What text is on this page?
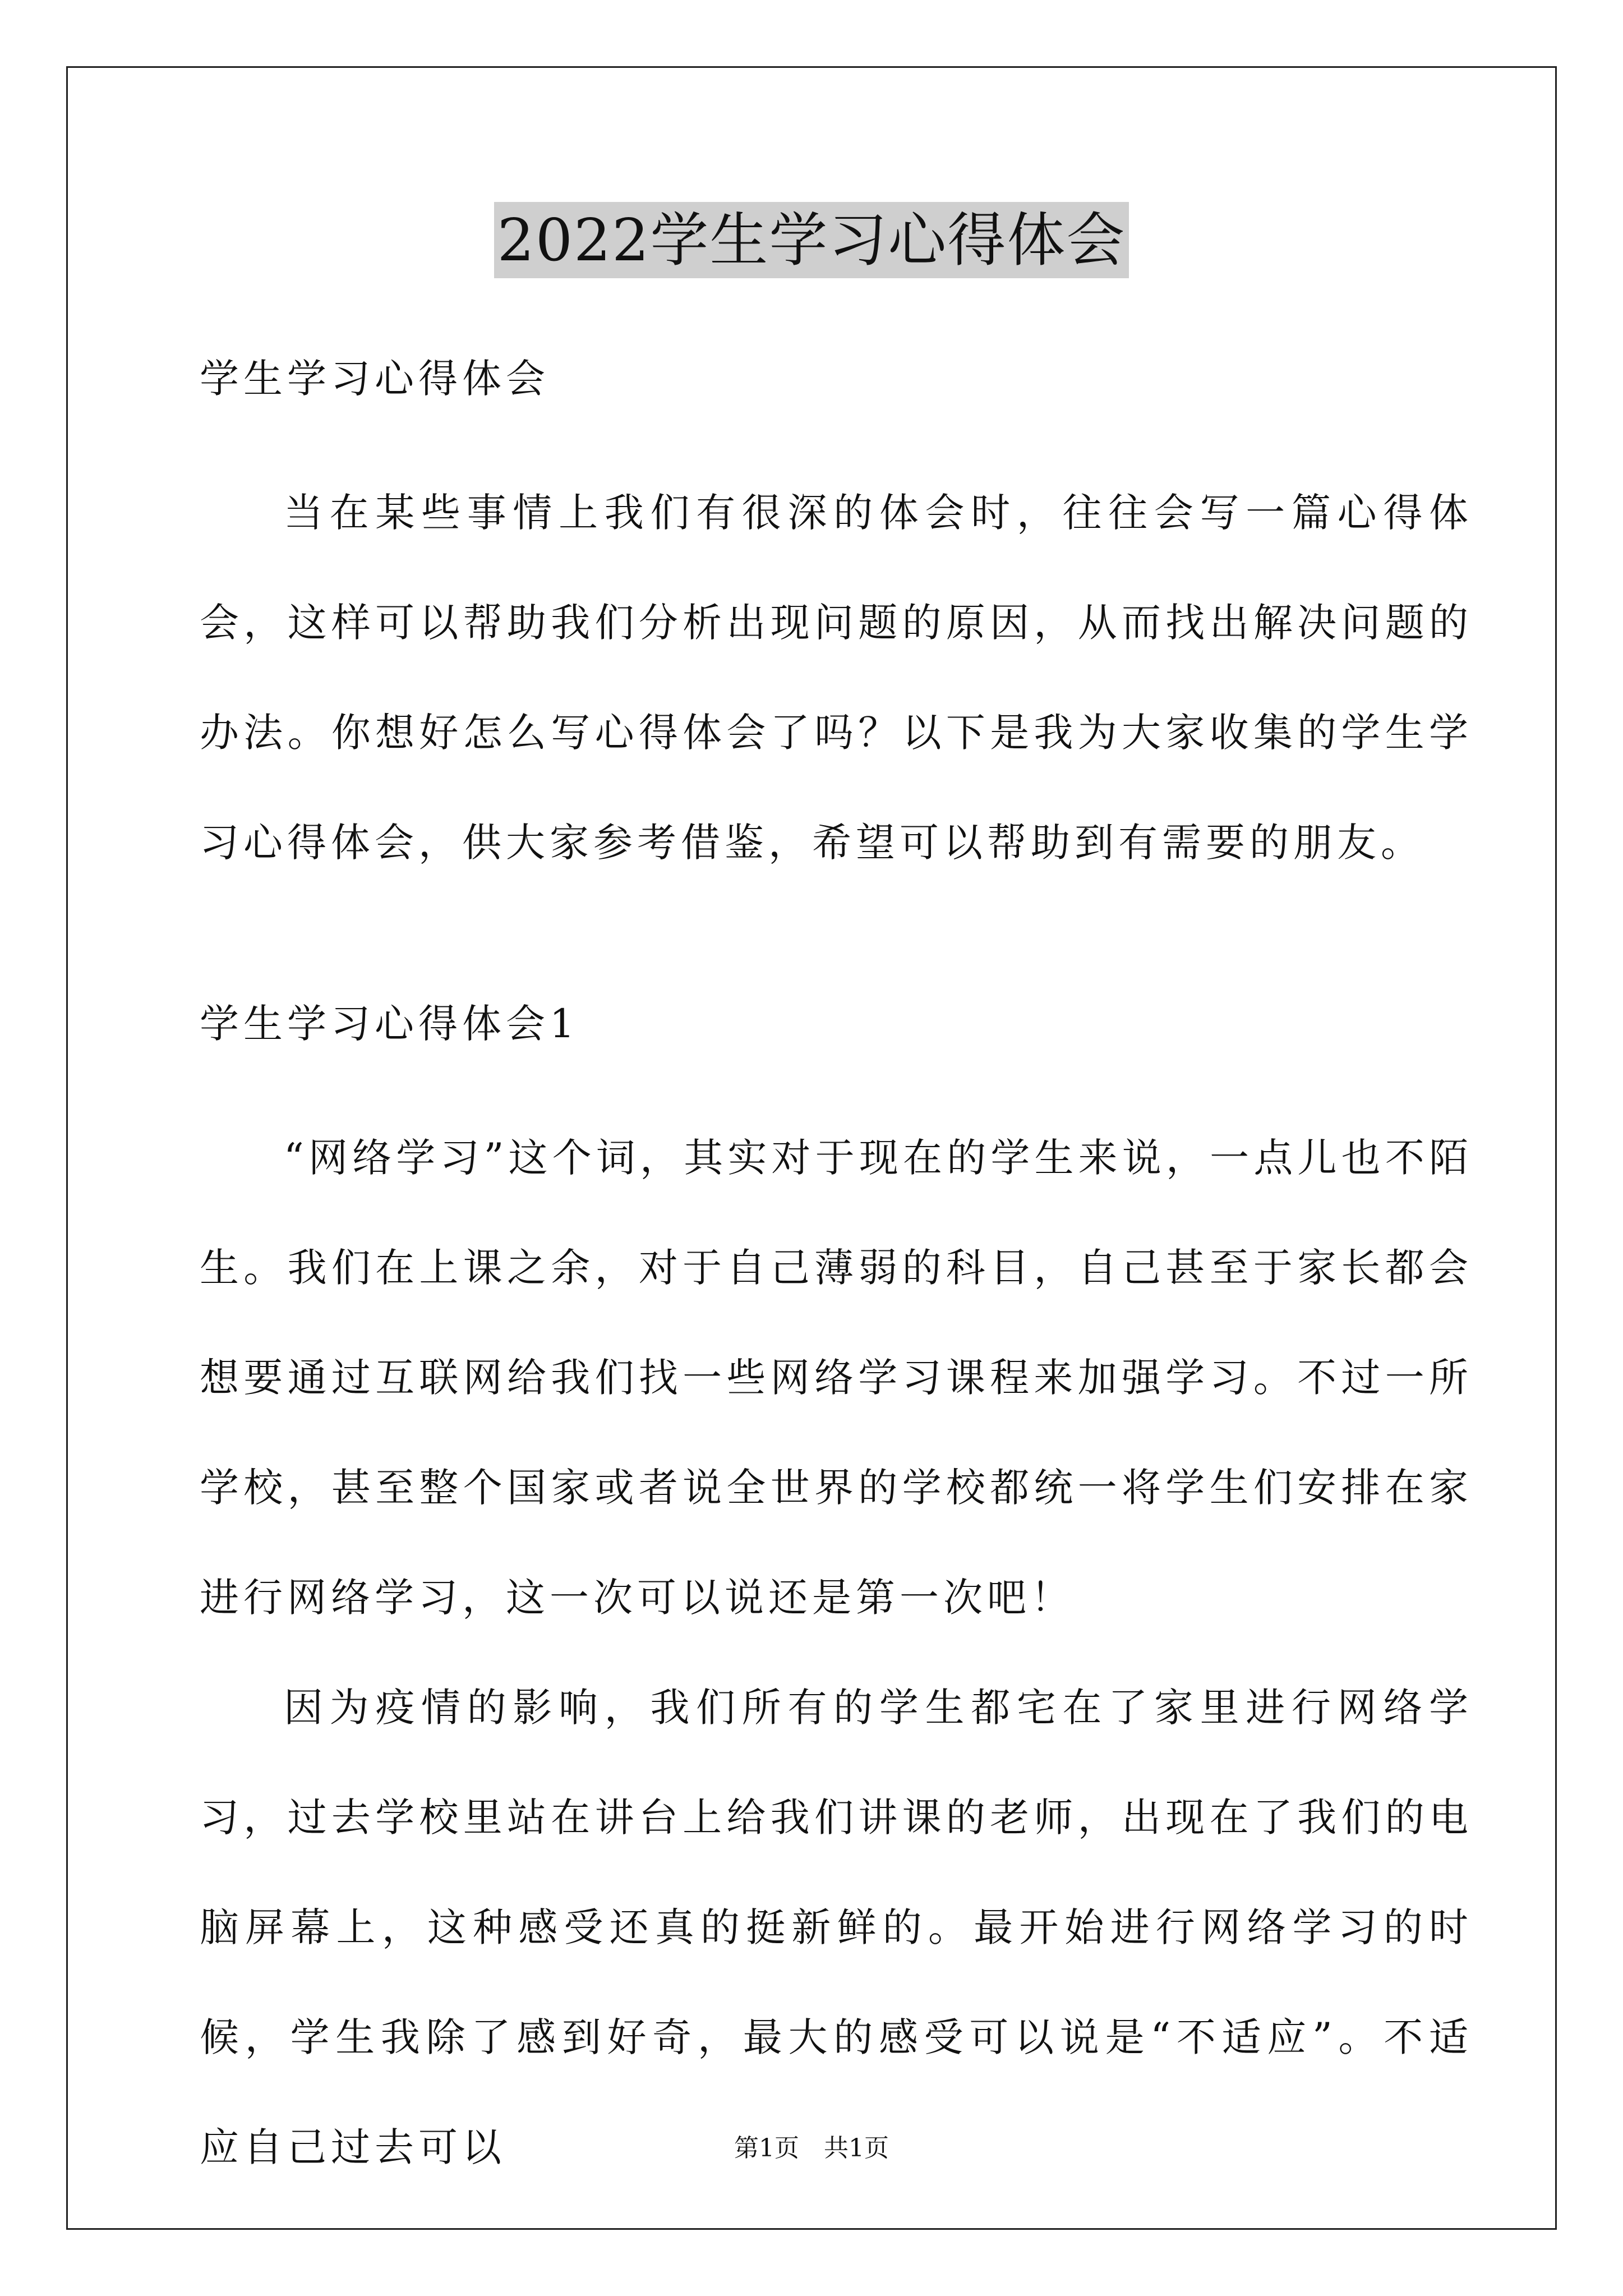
2022学生学习心得体会

学生学习心得体会

当在某些事情上我们有很深的体会时，往往会写一篇心得体会，这样可以帮助我们分析出现问题的原因，从而找出解决问题的办法。你想好怎么写心得体会了吗？以下是我为大家收集的学生学习心得体会，供大家参考借鉴，希望可以帮助到有需要的朋友。

学生学习心得体会1

“网络学习”这个词，其实对于现在的学生来说，一点儿也不陌生。我们在上课之余，对于自己薄弱的科目，自己甚至于家长都会想要通过互联网给我们找一些网络学习课程来加强学习。不过一所学校，甚至整个国家或者说全世界的学校都统一将学生们安排在家进行网络学习，这一次可以说还是第一次吧！

因为疫情的影响，我们所有的学生都宅在了家里进行网络学习，过去学校里站在讲台上给我们讲课的老师，出现在了我们的电脑屏幕上，这种感受还真的挺新鲜的。最开始进行网络学习的时候，学生我除了感到好奇，最大的感受可以说是“不适应”。不适应自己过去可以	第1页　共1页
